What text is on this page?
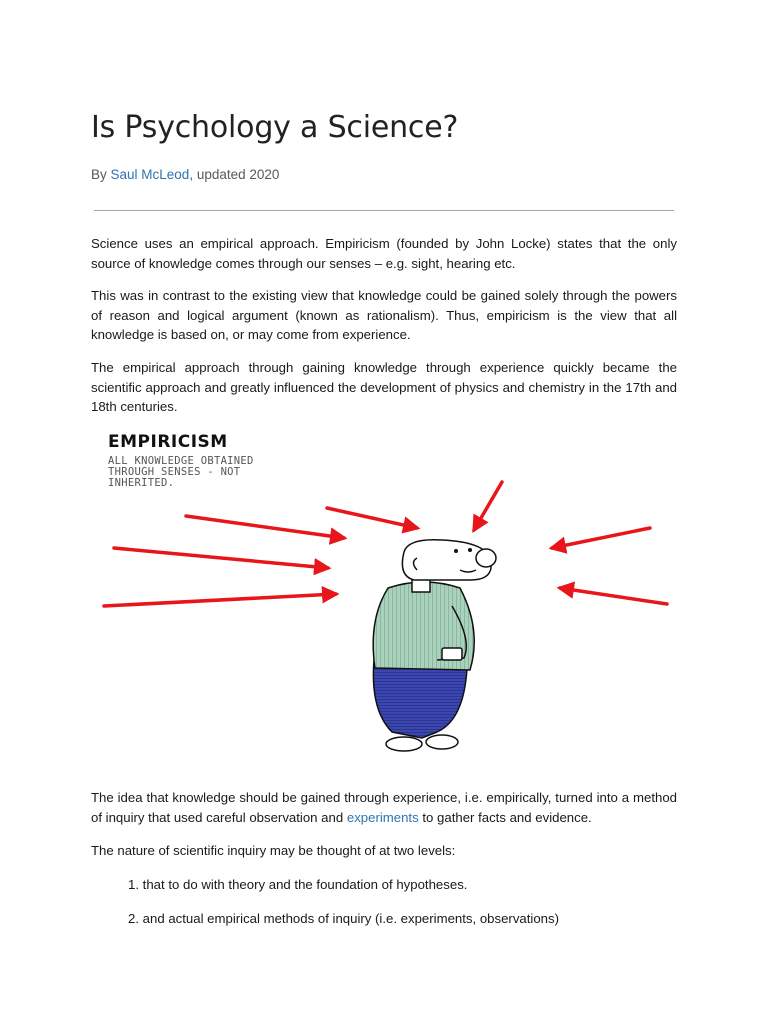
Is Psychology a Science?
By Saul McLeod, updated 2020

Science uses an empirical approach. Empiricism (founded by John Locke) states that the only source of knowledge comes through our senses – e.g. sight, hearing etc.

This was in contrast to the existing view that knowledge could be gained solely through the powers of reason and logical argument (known as rationalism). Thus, empiricism is the view that all knowledge is based on, or may come from experience.

The empirical approach through gaining knowledge through experience quickly became the scientific approach and greatly influenced the development of physics and chemistry in the 17th and 18th centuries.

EMPIRICISM
ALL KNOWLEDGE OBTAINED
THROUGH SENSES - NOT
INHERITED.

The idea that knowledge should be gained through experience, i.e. empirically, turned into a method of inquiry that used careful observation and experiments to gather facts and evidence.

The nature of scientific inquiry may be thought of at two levels:

1. that to do with theory and the foundation of hypotheses.

2. and actual empirical methods of inquiry (i.e. experiments, observations)
